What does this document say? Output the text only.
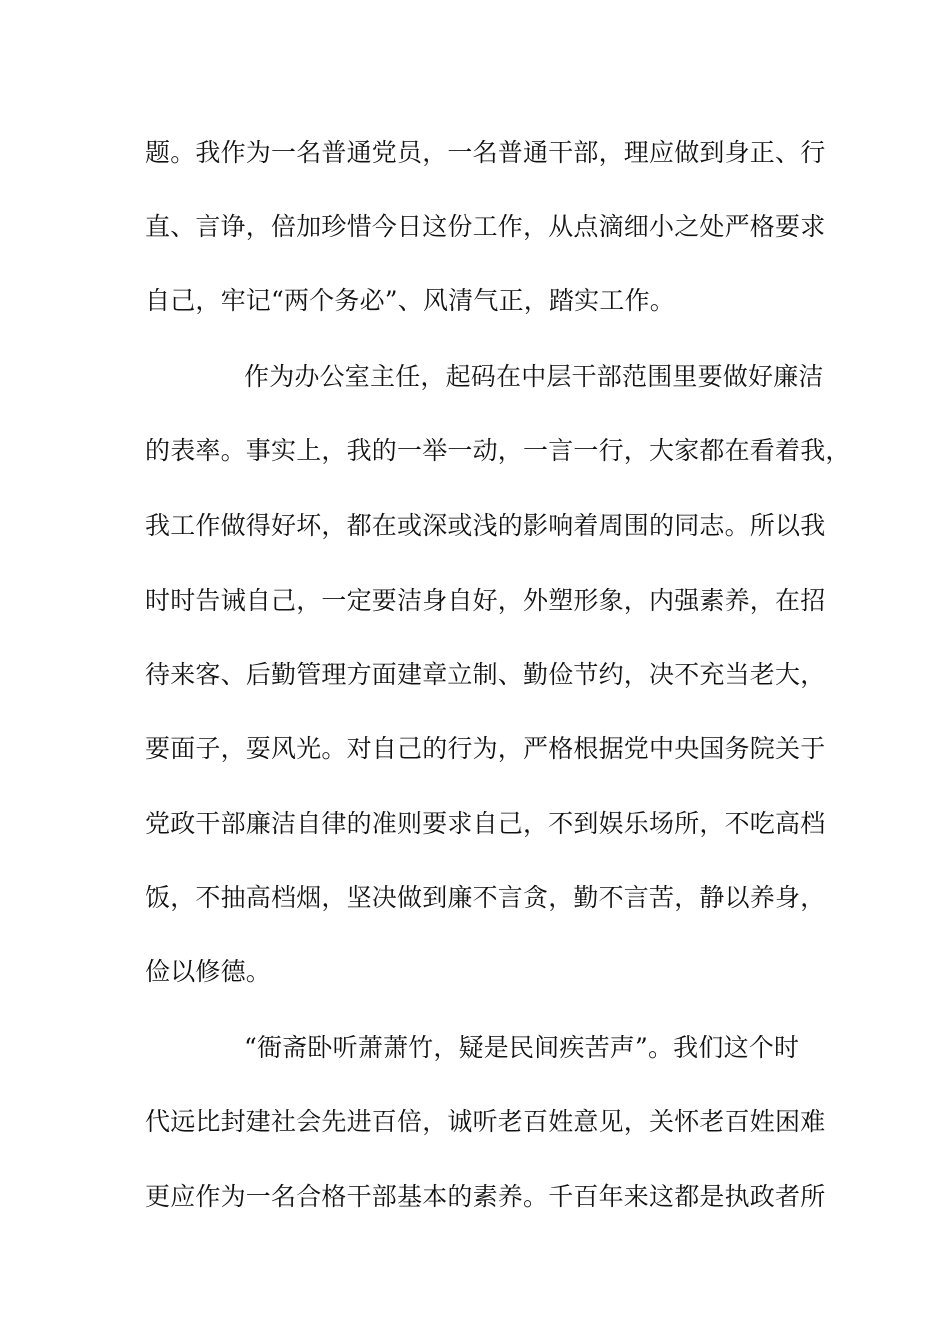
题。我作为一名普通党员，一名普通干部，理应做到身正、行

直、言诤，倍加珍惜今日这份工作，从点滴细小之处严格要求

自己，牢记“两个务必”、风清气正，踏实工作。

作为办公室主任，起码在中层干部范围里要做好廉洁

的表率。事实上，我的一举一动，一言一行，大家都在看着我，

我工作做得好坏，都在或深或浅的影响着周围的同志。所以我

时时告诫自己，一定要洁身自好，外塑形象，内强素养，在招

待来客、后勤管理方面建章立制、勤俭节约，决不充当老大，

要面子，耍风光。对自己的行为，严格根据党中央国务院关于

党政干部廉洁自律的准则要求自己，不到娱乐场所，不吃高档

饭，不抽高档烟，坚决做到廉不言贪，勤不言苦，静以养身，

俭以修德。

“衙斋卧听萧萧竹，疑是民间疾苦声”。我们这个时

代远比封建社会先进百倍，诚听老百姓意见，关怀老百姓困难

更应作为一名合格干部基本的素养。千百年来这都是执政者所
